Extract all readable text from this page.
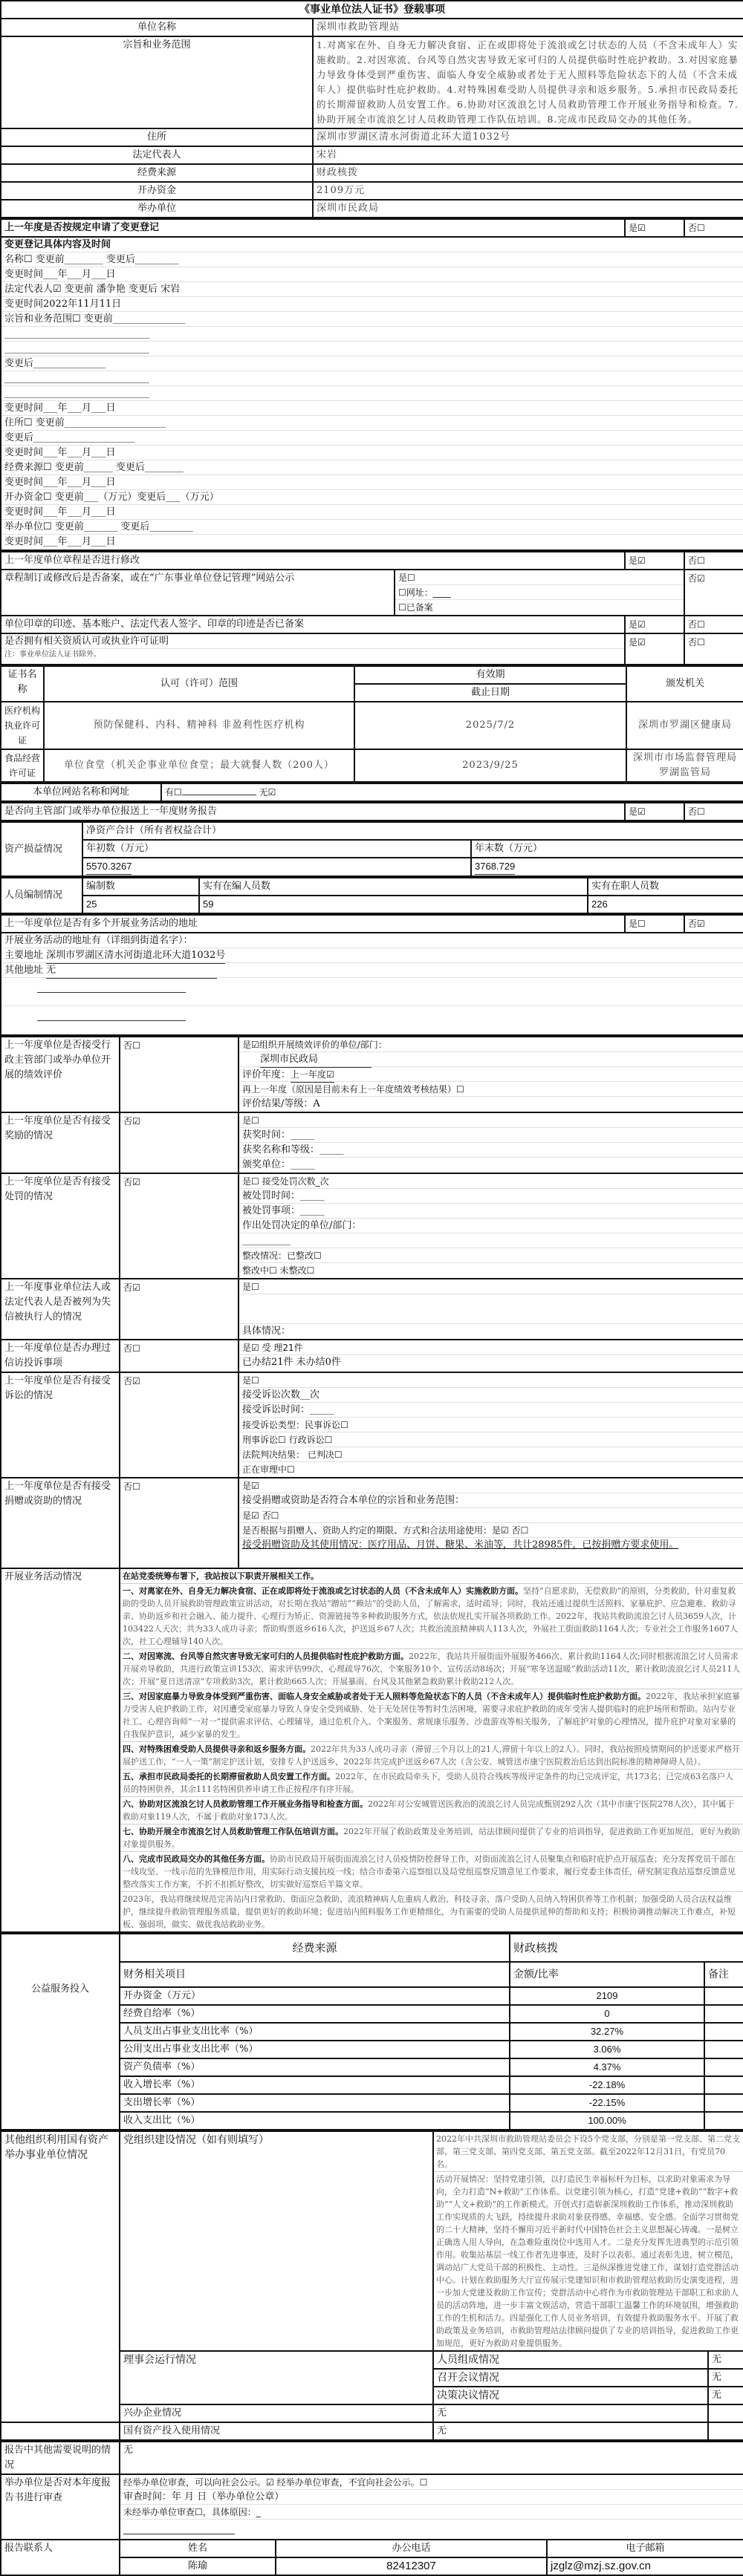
《事业单位法人证书》登载事项	
单位名称	深圳市救助管理站
宗旨和业务范围	1.对离家在外、自身无力解决食宿、正在或即将处于流浪或乞讨状态的人员（不含未成年人）实施救助。2.对因寒流、台风等自然灾害导致无家可归的人员提供临时性庇护救助。3.对因家庭暴力导致身体受到严重伤害、面临人身安全威胁或者处于无人照料等危险状态下的人员（不含未成年人）提供临时性庇护救助。4.对特殊困难受助人员提供寻亲和返乡服务。5.承担市民政局委托的长期滞留救助人员安置工作。6.协助对区流浪乞讨人员救助管理工作开展业务指导和检查。7.协助开展全市流浪乞讨人员救助管理工作队伍培训。8.完成市民政局交办的其他任务。
住所	深圳市罗湖区清水河街道北环大道1032号
法定代表人	宋岩
经费来源	财政核拨
开办资金	2109万元
举办单位	深圳市民政局
上一年度是否按规定申请了变更登记	是☑	否☐

变更登记具体内容及时间
名称☐ 变更前________ 变更后_________
变更时间___年___月___日
法定代表人☑ 变更前 潘争艳 变更后 宋岩
变更时间2022年11月11日
宗旨和业务范围☐ 变更前_______________
______________________________
______________________________
变更后_______________
______________________________
______________________________
变更时间___年___月___日
住所☐ 变更前_____________________
变更后_____________________
变更时间___年___月___日
经费来源☐ 变更前______ 变更后________
变更时间___年___月___日
开办资金☐ 变更前___（万元）变更后___（万元）
变更时间___年___月___日
举办单位☐ 变更前_______ 变更后_________
变更时间___年___月___日
上一年度单位章程是否进行修改		是☑	否☐
章程制订或修改后是否备案，或在“广东事业单位登记管理”网站公示	是☐
☐网址：____
☐已备案		否☑
单位印章的印迹、基本账户、法定代表人签字、印章的印迹是否已备案		是☑	否☐

是否拥有相关资质认可或执业许可证明
注：事业单位法人证书除外。		是☑	否☐
证书名称	认可（许可）范围	有效期	颁发机关
		截止日期	
医疗机构执业许可证	预防保健科、内科、精神科 非盈利性医疗机构	2025/7/2	深圳市罗湖区健康局
食品经营许可证	单位食堂（机关企事业单位食堂；最大就餐人数（200人）	2023/9/25	深圳市市场监督管理局罗湖监管局
本单位网站名称和网址	有☐	无☑
是否向主管部门或举办单位报送上一年度财务报告	是☑	否☐
资产损益情况	净资产合计（所有者权益合计）	
	年初数（万元）	年末数（万元）
	5570.3267	3768.729
人员编制情况	编制数	实有在编人员数	实有在职人员数
	25	59	226
上一年度单位是否有多个开展业务活动的地址	是☐	否☑

开展业务活动的地址有（详细到街道名字）：
主要地址 深圳市罗湖区清水河街道北环大道1032号
其他地址 无
上一年度单位是否接受行政主管部门或举办单位开展的绩效评价	否☐	是☑组织开展绩效评价的单位/部门：
深圳市民政局
评价年度：上一年度☑
再上一年度（原因是目前未有上一年度绩效考核结果）☐
评价结果/等级：A

上一年度单位是否有接受奖励的情况	否☑	是☐
获奖时间：_____
获奖名称和等级：_____
颁奖单位：_____

上一年度单位是否有接受处罚的情况	否☑	是☐ 接受处罚次数_次
被处罚时间：_____
被处罚事项：_____
作出处罚决定的单位/部门：
__________
整改情况：已整改☐
整改中☐ 未整改☐

上一年度事业单位法人或法定代表人是否被列为失信被执行人的情况	否☑	是☐
具体情况：

上一年度单位是否办理过信访投诉事项	否☐	是☑ 受 理21件
已办结21件 未办结0件

上一年度单位是否有接受诉讼的情况	否☑	是☐
接受诉讼次数__次
接受诉讼时间：_____
接受诉讼类型：民事诉讼☐
刑事诉讼☐ 行政诉讼☐
法院判决结果： 已判决☐
正在审理中☐

上一年度单位是否有接受捐赠或资助的情况	否☐	是☑
接受捐赠或资助是否符合本单位的宗旨和业务范围：
是☑ 否☐
是否根据与捐赠人、资助人约定的期限、方式和合法用途使用：是☑ 否☐
接受捐赠资助及其使用情况：医疗用品、月饼、糖果、米油等，共计28985件，已按捐赠方要求使用。

开展业务活动情况	在站党委统筹布署下，我站按以下职责开展相关工作。
一、对离家在外、自身无力解决食宿、正在或即将处于流浪或乞讨状态的人员（不含未成年人）实施救助方面。坚持“自愿求助，无偿救助”的原则，分类救助，针对重复救助的受助人员开展救助管理政策宣讲活动，对长期在我站“蹭站”“赖站”的受助人员，了解需求，适时疏导；同时，我站还通过提供生活照料、家暴庇护、应急避难、救助寻亲、协助返乡和社会融入、能力提升、心理行为矫正、资源链接等多种救助服务方式，依法依规扎实开展各项救助工作。2022年，我站共救助流浪乞讨人员3659人次，计103422人天次；共为33人成功寻亲；帮助购票返乡616人次，护送返乡67人次；共救治流浪精神病人113人次，外展社工街面救助1164人次；专业社会工作服务1607人次，社工心理辅导140人次。
二、对因寒流、台风等自然灾害导致无家可归的人员提供临时性庇护救助方面。2022年，我站共开展街面外展服务466次、累计救助1164人次;同时根据流浪乞讨人员需求开展劝导救助，共进行政策宣讲153次、需求评估99次、心理疏导76次、个案服务10个、宣传活动8场次；开展“寒冬送温暖”救助活动11次，累计救助流浪乞讨人员211人次；开展“夏日送清凉”专项救助3次，累计救助665人次；开展暴雨、台风及其他紧急救助累计救助212人次。
三、对因家庭暴力导致身体受到严重伤害、面临人身安全威胁或者处于无人照料等危险状态下的人员（不含未成年人）提供临时性庇护救助方面。2022年，我站承担家庭暴力受害人庇护救助工作，对因遭受家庭暴力导致人身安全受到威胁、处于无处居住等暂时生活困境，需要寻求庇护救助的成年受害人提供临时的庇护场所和帮助。站内专业社工、心理咨询师“一对一”提供需求评估、心理辅导，通过危机介入、个案服务、常规康乐服务、沙盘游戏等相关服务，了解庇护对象的心理情况，提升庇护对象对家暴的自我保护意识，减少家暴的发生。
四、对特殊困难受助人员提供寻亲和返乡服务方面。2022年共为33人成功寻亲（滞留三个月以上的21人,滞留十年以上的2人）。同时，我站按照疫情期间的护送要求严格开展护送工作，“一人一策”制定护送计划，安排专人护送返乡，2022年共完成护送返乡67人次（含公安、城管送市康宁医院救治后达到出院标准的精神障碍人员）。
五、承担市民政局委托的长期滞留救助人员安置工作方面。2022年，在市民政局牵头下，受助人员符合残疾等级评定条件的均已完成评定，共173名；已完成63名落户人员的特困供养，其余111名特困供养申请工作正按程序有序开展。
六、协助对区流浪乞讨人员救助管理工作开展业务指导和检查方面。2022年对公安城管送医救治的流浪乞讨人员完成甄别292人次（其中市康宁医院278人次），其中属于救助对象119人次，不属于救助对象173人次。
七、协助开展全市流浪乞讨人员救助管理工作队伍培训方面。2022年开展了救助政策及业务培训，站法律顾问提供了专业的培训指导，促进救助工作更加规范，更好为救助对象提供服务。
八、完成市民政局交办的其他任务方面。协助市民政局开展街面流浪乞讨人员疫情防控督导工作，对街面流浪乞讨人员聚集点和临时庇护点开展巡查；充分发挥党员干部在一线攻坚、一线示范的先锋模范作用，用实际行动支援抗疫一线；结合市委第六巡察组以及局党组巡察反馈意见工作要求，履行党委主体责任，研究制定我站巡察反馈意见整改落实工作方案，不折不扣抓好整改，切实做好巡察后半篇文章。
2023年，我站将继续规范完善站内日常救助、街面应急救助、流浪精神病人危重病人救治、科技寻亲、落户受助人员纳入特困供养等工作机制；加强受助人员合法权益维护，继续提升救助管理服务质量，提供更好的救助环境；促进站内照料服务工作更精细化，为有需要的受助人员提供延伸的帮助和支持；积极协调推动解决工作难点，补短板、强弱项，做实、做优我站救助业务。
公益服务投入	经费来源	财政核拨	
	财务相关项目	金额/比率	备注
	开办资金（万元）	2109	
	经费自给率（%）	0	
	人员支出占事业支出比率（%）	32.27%	
	公用支出占事业支出比率（%）	3.06%	
	资产负债率（%）	4.37%	
	收入增长率（%）	-22.18%	
	支出增长率（%）	-22.15%	
	收入支出比（%）	100.00%	
其他组织利用国有资产举办事业单位情况	党组织建设情况（如有则填写）	2022年中共深圳市救助管理站委员会下设5个党支部，分别是第一党支部、第二党支部、第三党支部、第四党支部、第五党支部。截至2022年12月31日，有党员70名。
活动开展情况：坚持党建引领，以打造民生幸福标杆为目标，以求助对象需求为导向，全力打造“N+救助”工作体系。以党建引领为核心，打造“党建+救助”“数字+救助”“人文+救助”的工作新模式。开创式打造崭新深圳救助工作体系，推动深圳救助工作实现质的大飞跃，持续提升求助对象获得感、幸福感、安全感。全面学习贯彻党的二十大精神，坚持不懈用习近平新时代中国特色社会主义思想凝心铸魂。一是树立正确选人用人导向，在急难险重岗位中选用人才。二是充分发挥先进典型的示范引领作用。收集站基层一线工作者先进事迹，及时予以表彰。通过表彰先进，树立模范，调动站广大党员干部的积极性、主动性。三是纵深推进党建工作，谋划打造党群活动中心。计划在救助服务大厅宣传展示党建知识和市救助管理站救助历史演变进程，进一步加大党建及救助工作宣传；党群活动中心将作为市救助管理站干部职工和求助人员的活动阵地，进一步丰富文娱活动，营造干部职工温馨工作的环境氛围，增强救助工作的生机和活力。四是强化工作人员业务培训，有效提升救助服务水平。开展了救助政策及业务培训，市救助管理站法律顾问提供了专业的培训指导，促进救助工作更加规范，更好为救助对象提供服务。	

	理事会运行情况	人员组成情况	无
		召开会议情况	无
		决策决议情况	无
	兴办企业情况	无	
	国有资产投入使用情况	无	
报告中其他需要说明的情况	无		
举办单位是否对本年度报告书进行审查	经举办单位审查，可以向社会公示。☑ 经举办单位审查，不宜向社会公示。☐
审查时间：年 月 日（举办单位公章）
未经举办单位审查☐，具体原因：_		

报告联系人	姓名	办公电话	电子邮箱
	陈瑜	82412307	jzglz@mzj.sz.gov.cn
